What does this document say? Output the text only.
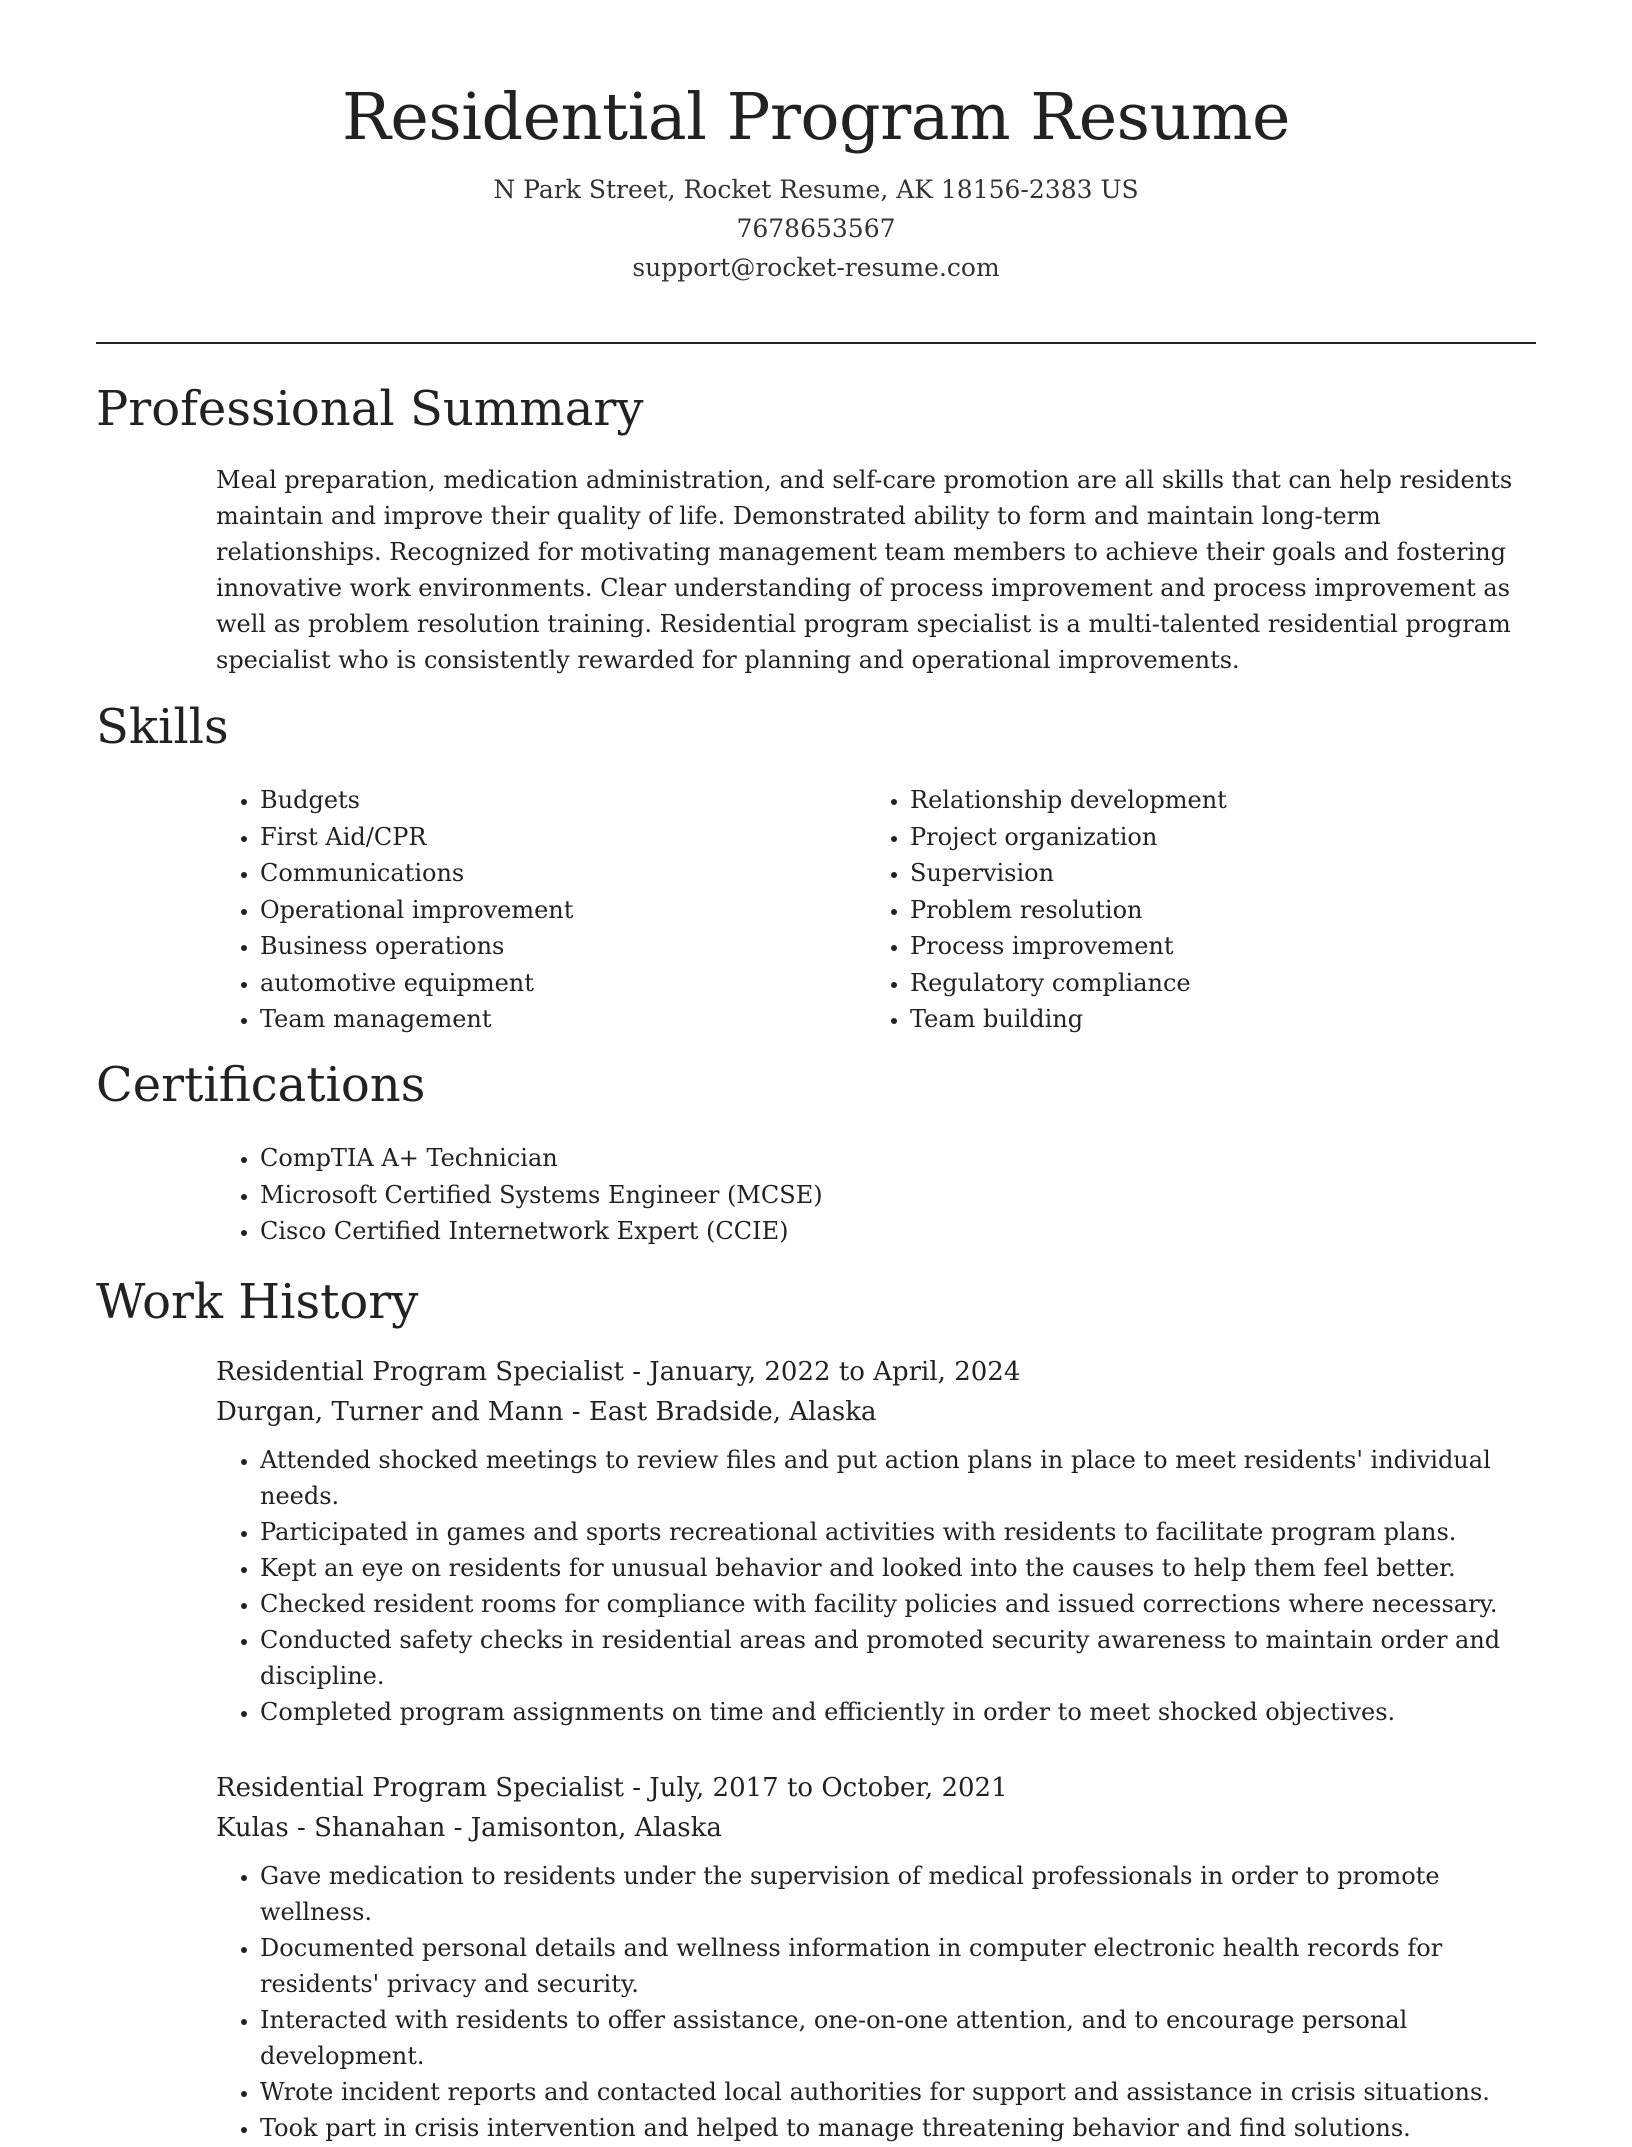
Residential Program Resume
N Park Street, Rocket Resume, AK 18156-2383 US
7678653567
support@rocket-resume.com
Professional Summary

Meal preparation, medication administration, and self-care promotion are all skills that can help residents maintain and improve their quality of life. Demonstrated ability to form and maintain long-term relationships. Recognized for motivating management team members to achieve their goals and fostering innovative work environments. Clear understanding of process improvement and process improvement as well as problem resolution training. Residential program specialist is a multi-talented residential program specialist who is consistently rewarded for planning and operational improvements.

Skills
• Budgets
• First Aid/CPR
• Communications
• Operational improvement
• Business operations
• automotive equipment
• Team management
• Relationship development
• Project organization
• Supervision
• Problem resolution
• Process improvement
• Regulatory compliance
• Team building
Certifications
• CompTIA A+ Technician
• Microsoft Certified Systems Engineer (MCSE)
• Cisco Certified Internetwork Expert (CCIE)
Work History

Residential Program Specialist - January, 2022 to April, 2024

Durgan, Turner and Mann - East Bradside, Alaska

• Attended shocked meetings to review files and put action plans in place to meet residents' individual needs.
• Participated in games and sports recreational activities with residents to facilitate program plans.
• Kept an eye on residents for unusual behavior and looked into the causes to help them feel better.
• Checked resident rooms for compliance with facility policies and issued corrections where necessary.
• Conducted safety checks in residential areas and promoted security awareness to maintain order and discipline.
• Completed program assignments on time and efficiently in order to meet shocked objectives.

Residential Program Specialist - July, 2017 to October, 2021

Kulas - Shanahan - Jamisonton, Alaska

• Gave medication to residents under the supervision of medical professionals in order to promote wellness.
• Documented personal details and wellness information in computer electronic health records for residents' privacy and security.
• Interacted with residents to offer assistance, one-on-one attention, and to encourage personal development.
• Wrote incident reports and contacted local authorities for support and assistance in crisis situations.
• Took part in crisis intervention and helped to manage threatening behavior and find solutions.
